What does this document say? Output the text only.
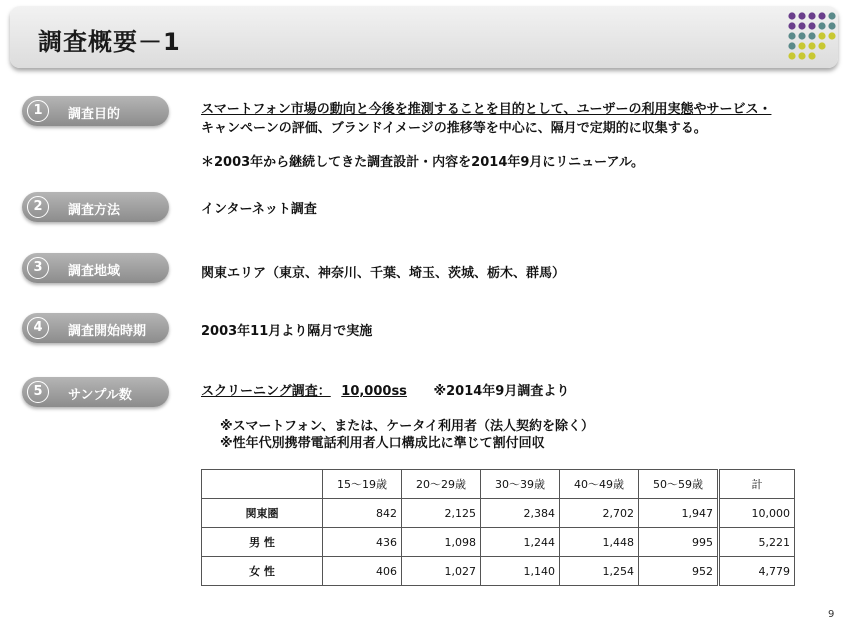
調査概要－1
1	調査目的
2	調査方法
3	調査地域
4	調査開始時期
5	サンプル数
スマートフォン市場の動向と今後を推測することを目的として、ユーザーの利用実態やサービス・
キャンペーンの評価、ブランドイメージの推移等を中心に、隔月で定期的に収集する。
＊2003年から継続してきた調査設計・内容を2014年9月にリニューアル。
インターネット調査
関東エリア（東京、神奈川、千葉、埼玉、茨城、栃木、群馬）
2003年11月より隔月で実施
スクリーニング調査： 10,000ss ※2014年9月調査より
※スマートフォン、または、ケータイ利用者（法人契約を除く）
※性年代別携帯電話利用者人口構成比に準じて割付回収
	15～19歳	20～29歳	30～39歳	40～49歳	50～59歳	計
関東圏	842	2,125	2,384	2,702	1,947	10,000
男 性	436	1,098	1,244	1,448	995	5,221
女 性	406	1,027	1,140	1,254	952	4,779
9
